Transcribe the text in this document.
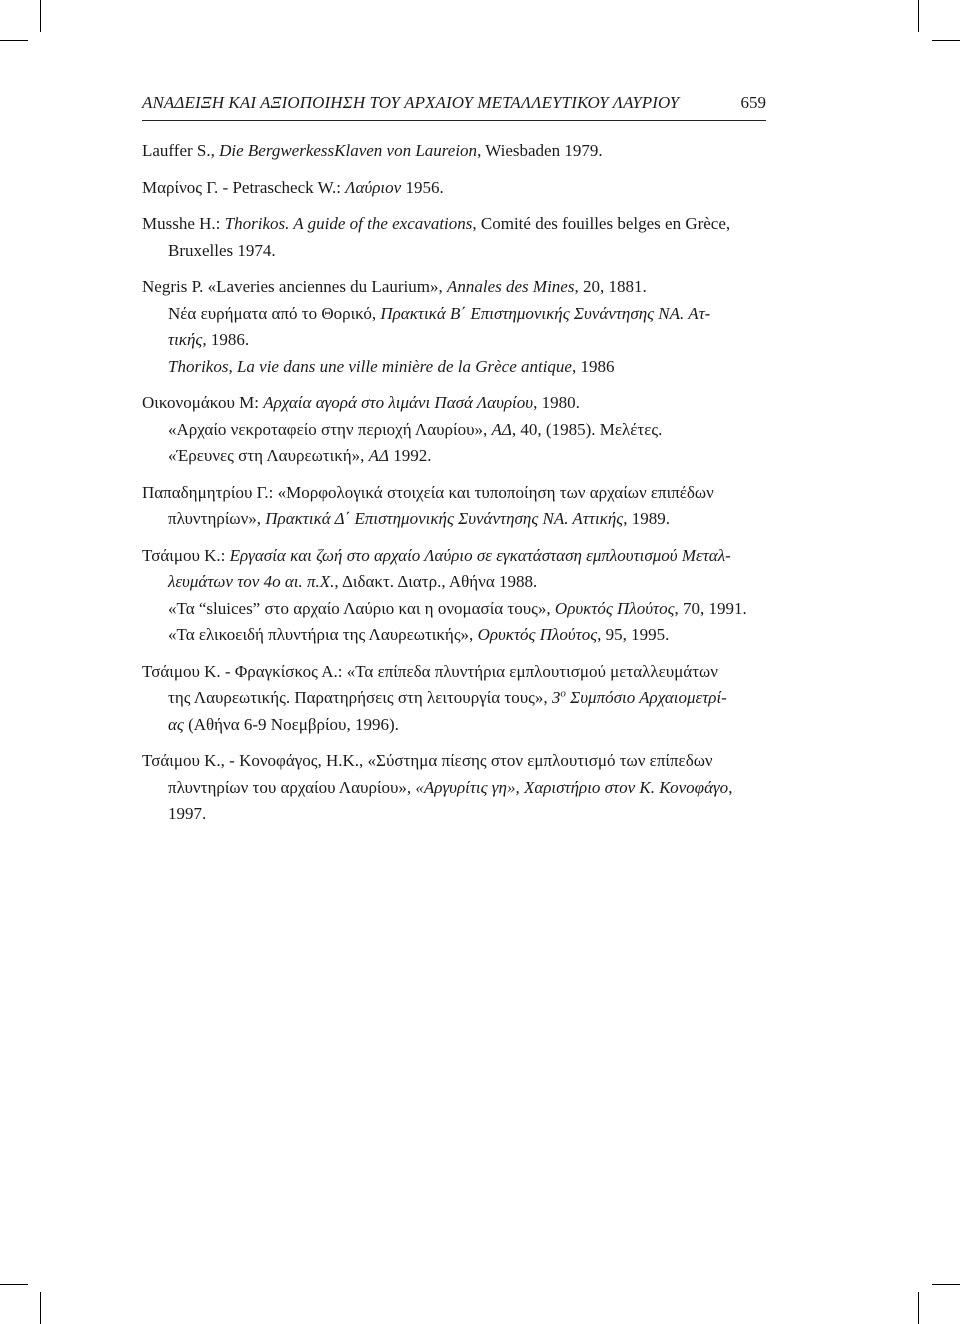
ΑΝΑΔΕΙΞΗ ΚΑΙ ΑΞΙΟΠΟΙΗΣΗ ΤΟΥ ΑΡΧΑΙΟΥ ΜΕΤΑΛΛΕΥΤΙΚΟΥ ΛΑΥΡΙΟΥ	659
Lauffer S., Die BergwerkessKlaven von Laureion, Wiesbaden 1979.
Μαρίνος Γ. - Petrascheck W.: Λαύριον 1956.
Musshe H.: Thorikos. A guide of the excavations, Comité des fouilles belges en Grèce,
Bruxelles 1974.
Negris P. «Laveries anciennes du Laurium», Annales des Mines, 20, 1881.
Νέα ευρήματα από το Θορικό, Πρακτικά Β΄ Επιστημονικής Συνάντησης ΝΑ. Ατ-
τικής, 1986.
Thorikos, La vie dans une ville minière de la Grèce antique, 1986
Οικονομάκου Μ: Αρχαία αγορά στο λιμάνι Πασά Λαυρίου, 1980.
«Αρχαίο νεκροταφείο στην περιοχή Λαυρίου», ΑΔ, 40, (1985). Μελέτες.
«Έρευνες στη Λαυρεωτική», ΑΔ 1992.
Παπαδημητρίου Γ.: «Μορφολογικά στοιχεία και τυποποίηση των αρχαίων επιπέδων
πλυντηρίων», Πρακτικά Δ΄ Επιστημονικής Συνάντησης ΝΑ. Αττικής, 1989.
Τσάιμου Κ.: Εργασία και ζωή στο αρχαίο Λαύριο σε εγκατάσταση εμπλουτισμού Μεταλ-
λευμάτων τον 4ο αι. π.Χ., Διδακτ. Διατρ., Αθήνα 1988.
«Τα “sluices” στο αρχαίο Λαύριο και η ονομασία τους», Ορυκτός Πλούτος, 70, 1991.
«Τα ελικοειδή πλυντήρια της Λαυρεωτικής», Ορυκτός Πλούτος, 95, 1995.
Τσάιμου Κ. - Φραγκίσκος Α.: «Τα επίπεδα πλυντήρια εμπλουτισμού μεταλλευμάτων
της Λαυρεωτικής. Παρατηρήσεις στη λειτουργία τους», $3^o$ Συμπόσιο Αρχαιομετρί-
ας (Αθήνα 6-9 Νοεμβρίου, 1996).
Τσάιμου Κ., - Κονοφάγος, Η.Κ., «Σύστημα πίεσης στον εμπλουτισμό των επίπεδων
πλυντηρίων του αρχαίου Λαυρίου», «Αργυρίτις γη», Χαριστήριο στον Κ. Κονοφάγο,
1997.
